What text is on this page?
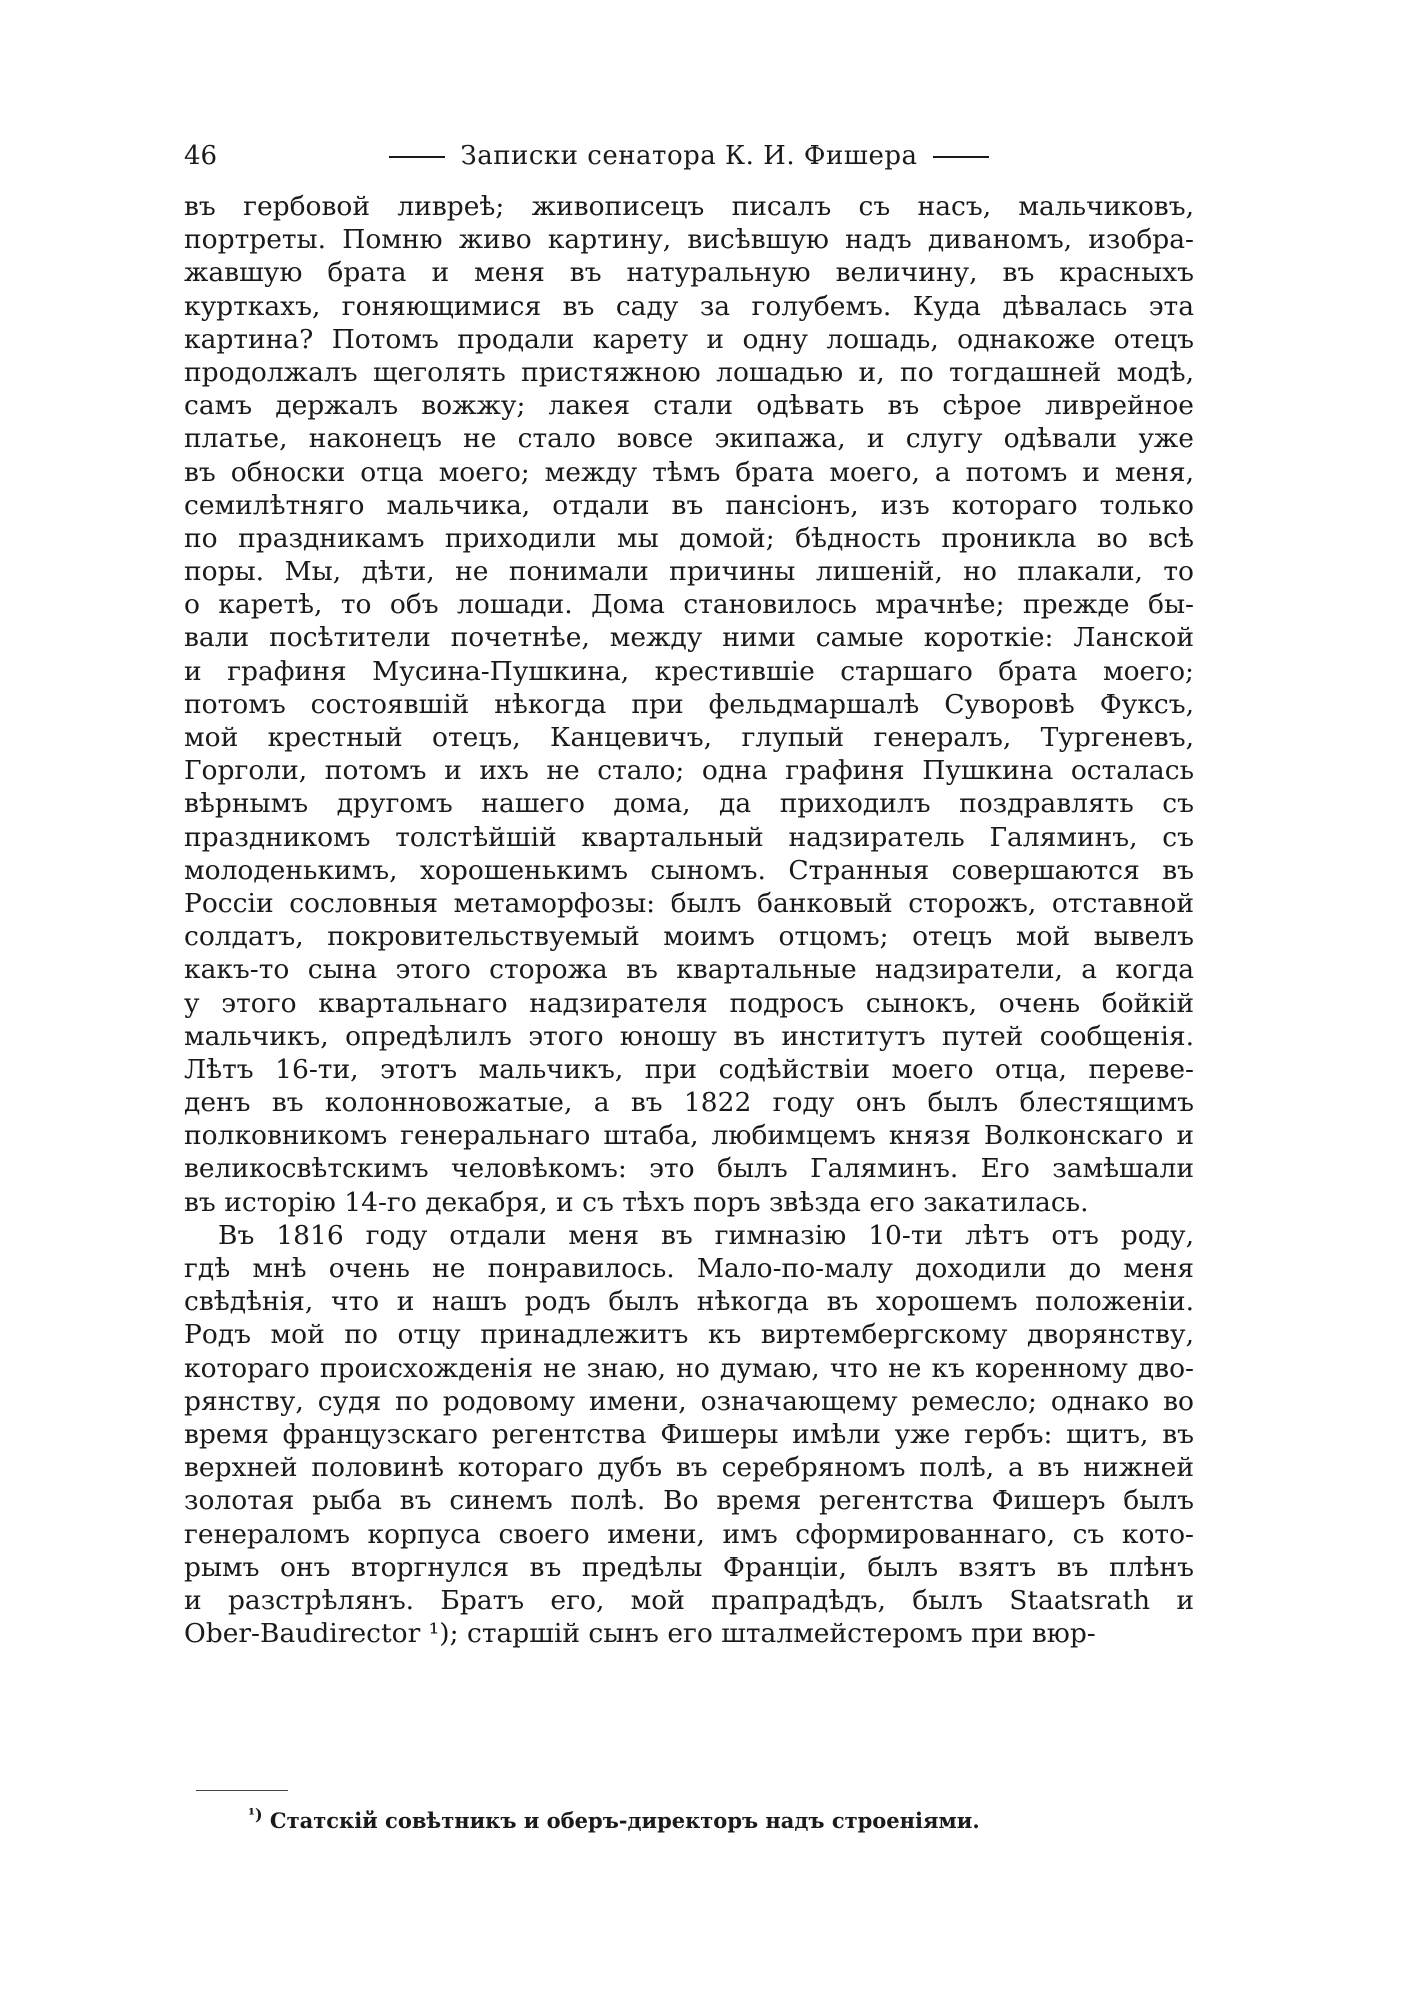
46	Записки сенатора К. И. Фишера
въ гербовой ливреѣ; живописецъ писалъ съ насъ, мальчиковъ,
портреты. Помню живо картину, висѣвшую надъ диваномъ, изобра-
жавшую брата и меня въ натуральную величину, въ красныхъ
курткахъ, гоняющимися въ саду за голубемъ. Куда дѣвалась эта
картина? Потомъ продали карету и одну лошадь, однакоже отецъ
продолжалъ щеголять пристяжною лошадью и, по тогдашней модѣ,
самъ держалъ вожжу; лакея стали одѣвать въ сѣрое ливрейное
платье, наконецъ не стало вовсе экипажа, и слугу одѣвали уже
въ обноски отца моего; между тѣмъ брата моего, а потомъ и меня,
семилѣтняго мальчика, отдали въ пансіонъ, изъ котораго только
по праздникамъ приходили мы домой; бѣдность проникла во всѣ
поры. Мы, дѣти, не понимали причины лишеній, но плакали, то
о каретѣ, то объ лошади. Дома становилось мрачнѣе; прежде бы-
вали посѣтители почетнѣе, между ними самые короткіе: Ланской
и графиня Мусина-Пушкина, крестившіе старшаго брата моего;
потомъ состоявшій нѣкогда при фельдмаршалѣ Суворовѣ Фуксъ,
мой крестный отецъ, Канцевичъ, глупый генералъ, Тургеневъ,
Горголи, потомъ и ихъ не стало; одна графиня Пушкина осталась
вѣрнымъ другомъ нашего дома, да приходилъ поздравлять съ
праздникомъ толстѣйшій квартальный надзиратель Галяминъ, съ
молоденькимъ, хорошенькимъ сыномъ. Странныя совершаются въ
Россіи сословныя метаморфозы: былъ банковый сторожъ, отставной
солдатъ, покровительствуемый моимъ отцомъ; отецъ мой вывелъ
какъ-то сына этого сторожа въ квартальные надзиратели, а когда
у этого квартальнаго надзирателя подросъ сынокъ, очень бойкій
мальчикъ, опредѣлилъ этого юношу въ институтъ путей сообщенія.
Лѣтъ 16-ти, этотъ мальчикъ, при содѣйствіи моего отца, переве-
денъ въ колонновожатые, а въ 1822 году онъ былъ блестящимъ
полковникомъ генеральнаго штаба, любимцемъ князя Волконскаго и
великосвѣтскимъ человѣкомъ: это былъ Галяминъ. Его замѣшали
въ исторію 14-го декабря, и съ тѣхъ поръ звѣзда его закатилась.
Въ 1816 году отдали меня въ гимназію 10-ти лѣтъ отъ роду,
гдѣ мнѣ очень не понравилось. Мало-по-малу доходили до меня
свѣдѣнія, что и нашъ родъ былъ нѣкогда въ хорошемъ положеніи.
Родъ мой по отцу принадлежитъ къ виртембергскому дворянству,
котораго происхожденія не знаю, но думаю, что не къ коренному дво-
рянству, судя по родовому имени, означающему ремесло; однако во
время французскаго регентства Фишеры имѣли уже гербъ: щитъ, въ
верхней половинѣ котораго дубъ въ серебряномъ полѣ, а въ нижней
золотая рыба въ синемъ полѣ. Во время регентства Фишеръ былъ
генераломъ корпуса своего имени, имъ сформированнаго, съ кото-
рымъ онъ вторгнулся въ предѣлы Франціи, былъ взятъ въ плѣнъ
и разстрѣлянъ. Братъ его, мой прапрадѣдъ, былъ Staatsrath и
Ober-Baudirector ¹); старшій сынъ его шталмейстеромъ при вюр-
$^{^1)}$ Статскій совѣтникъ и оберъ-директоръ надъ строеніями.
